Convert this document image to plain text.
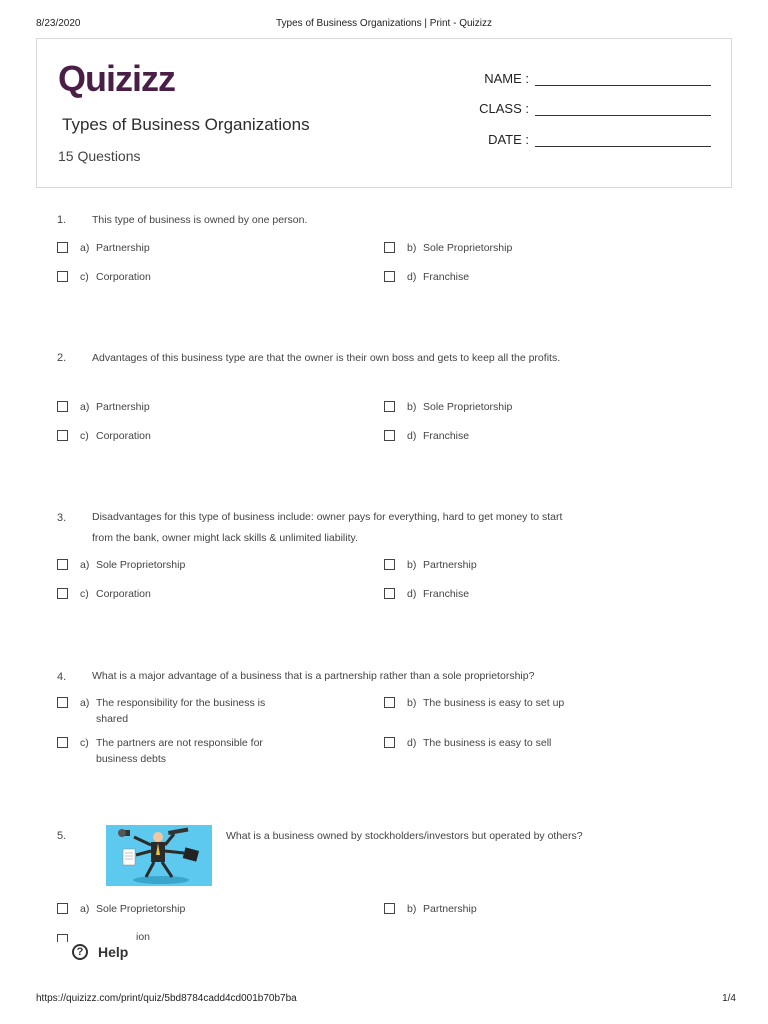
8/23/2020	Types of Business Organizations | Print - Quizizz
Quizizz
Types of Business Organizations
15 Questions
NAME :
CLASS :
DATE :
1. This type of business is owned by one person.
a) Partnership	b) Sole Proprietorship
c) Corporation	d) Franchise
2. Advantages of this business type are that the owner is their own boss and gets to keep all the profits.
a) Partnership	b) Sole Proprietorship
c) Corporation	d) Franchise
3. Disadvantages for this type of business include: owner pays for everything, hard to get money to start from the bank, owner might lack skills & unlimited liability.
a) Sole Proprietorship	b) Partnership
c) Corporation	d) Franchise
4. What is a major advantage of a business that is a partnership rather than a sole proprietorship?
a) The responsibility for the business is shared
b) The business is easy to set up
c) The partners are not responsible for business debts
d) The business is easy to sell
5.	What is a business owned by stockholders/investors but operated by others?
a) Sole Proprietorship	b) Partnership
ion
?	Help
https://quizizz.com/print/quiz/5bd8784cadd4cd001b70b7ba	1/4
